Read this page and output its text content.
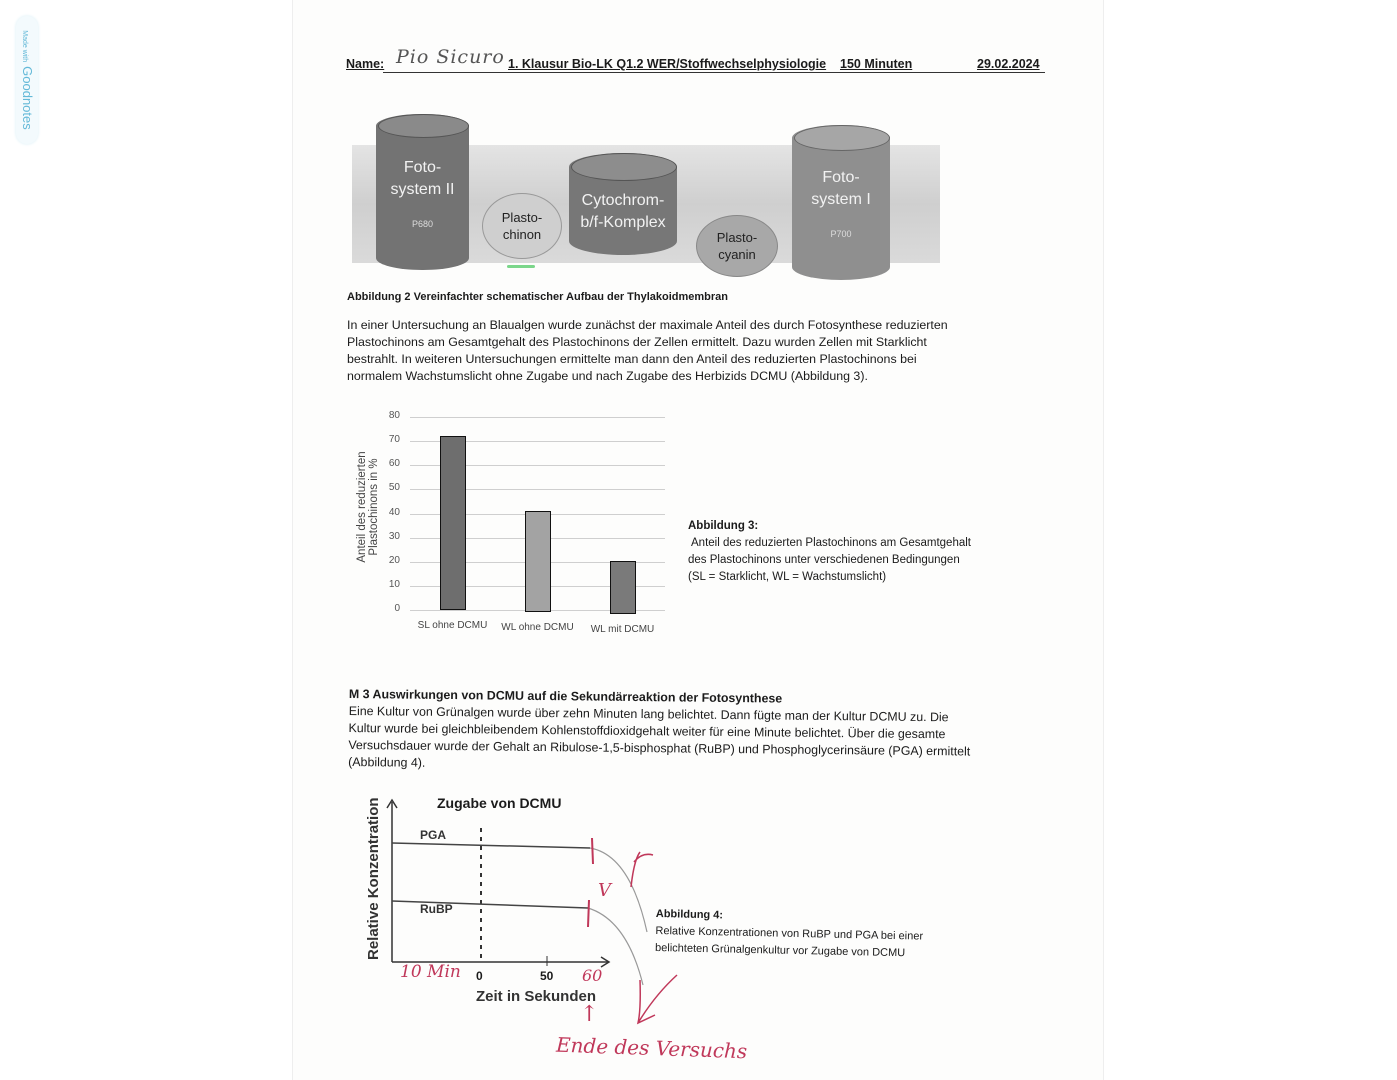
Made withGoodnotes
Name:	1. Klausur Bio-LK Q1.2 WER/Stoffwechselphysiologie 150 Minuten	29.02.2024
Pio Sicuro
Foto-
system II
P680	Plasto-
chinon
Cytochrom-
b/f-Komplex
Plasto-
cyanin
Foto-
system I
P700
Abbildung 2 Vereinfachter schematischer Aufbau der Thylakoidmembran
In einer Untersuchung an Blaualgen wurde zunächst der maximale Anteil des durch Fotosynthese reduzierten
Plastochinons am Gesamtgehalt des Plastochinons der Zellen ermittelt. Dazu wurden Zellen mit Starklicht
bestrahlt. In weiteren Untersuchungen ermittelte man dann den Anteil des reduzierten Plastochinons bei
normalem Wachstumslicht ohne Zugabe und nach Zugabe des Herbizids DCMU (Abbildung 3).
Anteil des reduzierten Plastochinons in %
0
10
20
30
40
50
60
70
80
SL ohne DCMU	WL ohne DCMU	WL mit DCMU
Abbildung 3:
Anteil des reduzierten Plastochinons am Gesamtgehalt
des Plastochinons unter verschiedenen Bedingungen
(SL = Starklicht, WL = Wachstumslicht)
M 3 Auswirkungen von DCMU auf die Sekundärreaktion der Fotosynthese
Eine Kultur von Grünalgen wurde über zehn Minuten lang belichtet. Dann fügte man der Kultur DCMU zu. Die
Kultur wurde bei gleichbleibendem Kohlenstoffdioxidgehalt weiter für eine Minute belichtet. Über die gesamte
Versuchsdauer wurde der Gehalt an Ribulose-1,5-bisphosphat (RuBP) und Phosphoglycerinsäure (PGA) ermittelt
(Abbildung 4).
Zugabe von DCMU
Relative Konzentration	PGA
RuBP
0	50
Zeit in Sekunden
10 Min	60
↑
V
Ende des Versuchs
Abbildung 4:
Relative Konzentrationen von RuBP und PGA bei einer
belichteten Grünalgenkultur vor Zugabe von DCMU
